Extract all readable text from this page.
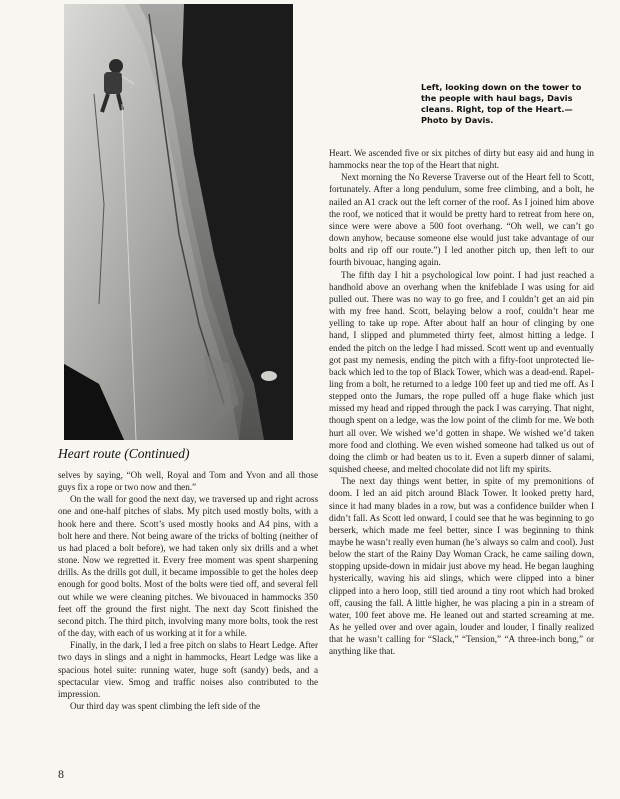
Left, looking down on the tower to the people with haul bags, Davis cleans. Right, top of the Heart.—Photo by Davis.
Heart route (Continued)

selves by saying, “Oh well, Royal and Tom and Yvon and all those guys fix a rope or two now and then.”

On the wall for good the next day, we traversed up and right across one and one-half pitches of slabs. My pitch used mostly bolts, with a hook here and there. Scott’s used mostly hooks and A4 pins, with a bolt here and there. Not being aware of the tricks of bolting (neither of us had placed a bolt before), we had taken only six drills and a whet stone. Now we regretted it. Every free moment was spent sharpening drills. As the drills got dull, it became impossible to get the holes deep enough for good bolts. Most of the bolts were tied off, and several fell out while we were cleaning pitches. We bivouaced in hammocks 350 feet off the ground the first night. The next day Scott finished the second pitch. The third pitch, involving many more bolts, took the rest of the day, with each of us working at it for a while.

Finally, in the dark, I led a free pitch on slabs to Heart Ledge. After two days in slings and a night in hammocks, Heart Ledge was like a spacious hotel suite: running water, huge soft (sandy) beds, and a spectacular view. Smog and traffic noises also contributed to the impression.

Our third day was spent climbing the left side of the

Heart. We ascended five or six pitches of dirty but easy aid and hung in hammocks near the top of the Heart that night.

Next morning the No Reverse Traverse out of the Heart fell to Scott, fortunately. After a long pendulum, some free climbing, and a bolt, he nailed an A1 crack out the left corner of the roof. As I joined him above the roof, we noticed that it would be pretty hard to retreat from here on, since were were above a 500 foot overhang. “Oh well, we can’t go down anyhow, because someone else would just take advantage of our bolts and rip off our route.”) I led another pitch up, then left to our fourth bivouac, hanging again.

The fifth day I hit a psychological low point. I had just reached a handhold above an overhang when the knifeblade I was using for aid pulled out. There was no way to go free, and I couldn’t get an aid pin with my free hand. Scott, belaying below a roof, couldn’t hear me yelling to take up rope. After about half an hour of clinging by one hand, I slipped and plummeted thirty feet, almost hitting a ledge. I ended the pitch on the ledge I had missed. Scott went up and eventually got past my nemesis, ending the pitch with a fifty-foot unprotected lie-back which led to the top of Black Tower, which was a dead-end. Rapelling from a bolt, he returned to a ledge 100 feet up and tied me off. As I stepped onto the Jumars, the rope pulled off a huge flake which just missed my head and ripped through the pack I was carrying. That night, though spent on a ledge, was the low point of the climb for me. We both hurt all over. We wished we’d gotten in shape. We wished we’d taken more food and clothing. We even wished someone had talked us out of doing the climb or had beaten us to it. Even a superb dinner of salami, squished cheese, and melted chocolate did not lift my spirits.

The next day things went better, in spite of my premonitions of doom. I led an aid pitch around Black Tower. It looked pretty hard, since it had many blades in a row, but was a confidence builder when I didn’t fall. As Scott led onward, I could see that he was beginning to go berserk, which made me feel better, since I was beginning to think maybe he wasn’t really even human (he’s always so calm and cool). Just below the start of the Rainy Day Woman Crack, he came sailing down, stopping upside-down in midair just above my head. He began laughing hysterically, waving his aid slings, which were clipped into a biner clipped into a hero loop, still tied around a tiny root which had broked off, causing the fall. A little higher, he was placing a pin in a stream of water, 100 feet above me. He leaned out and started screaming at me. As he yelled over and over again, louder and louder, I finally realized that he wasn’t calling for “Slack,” “Tension,” “A three-inch bong,” or anything like that.

8
